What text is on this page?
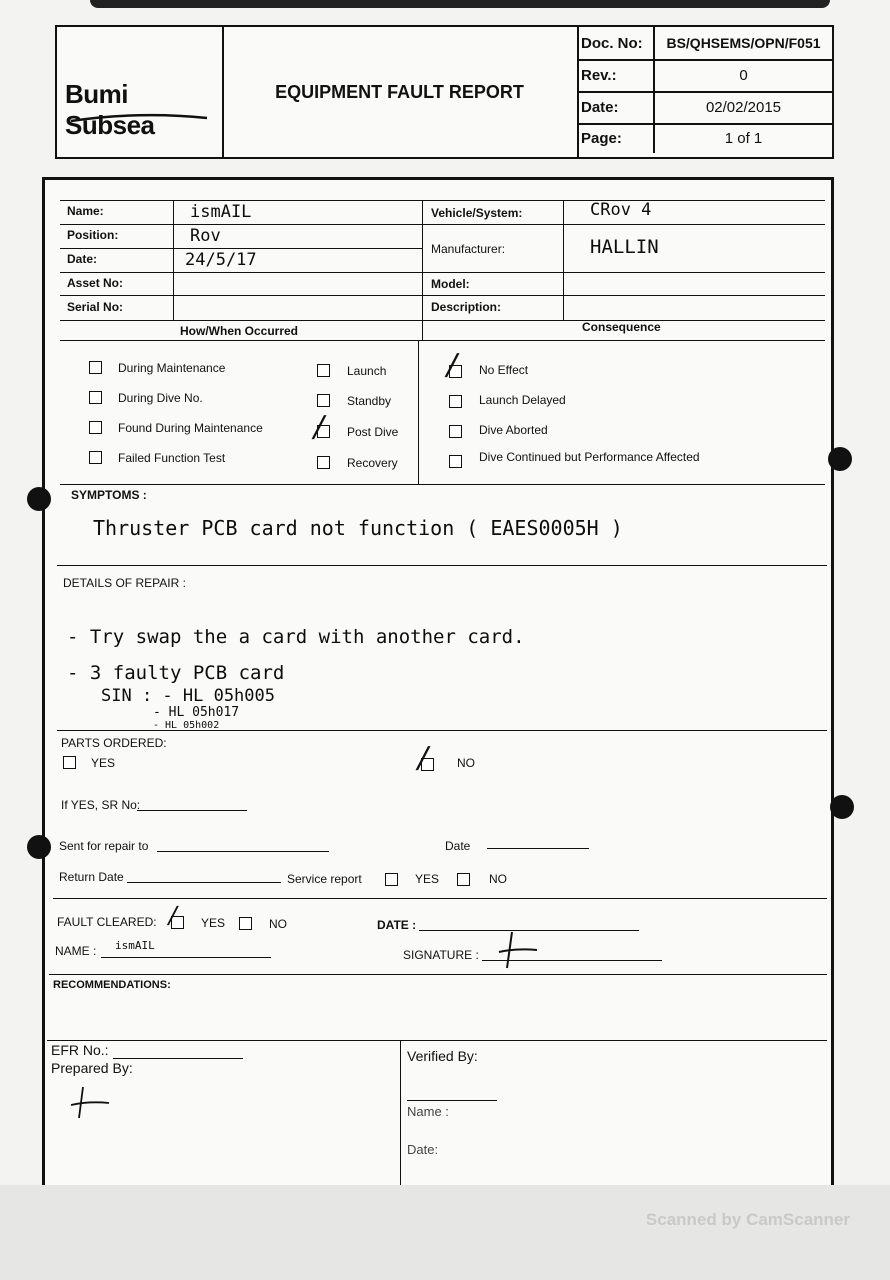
Bumi Subsea
EQUIPMENT FAULT REPORT
Doc. No:	BS/QHSEMS/OPN/F051
Rev.:	0
Date:	02/02/2015
Page:	1 of 1
Name:	ismAIL
Position:	Rov
Date:	24/5/17
Asset No:
Serial No:
Vehicle/System:	CRov 4
Manufacturer:	HALLIN
Model:
Description:
How/When Occurred	Consequence
During Maintenance
During Dive No.
Found During Maintenance
Failed Function Test
Launch
Standby
╱ Post Dive
Recovery
╱ No Effect
Launch Delayed
Dive Aborted
Dive Continued but Performance Affected
SYMPTOMS :
Thruster PCB card not function ( EAES0005H )
DETAILS OF REPAIR :
- Try swap the a card with another card.
- 3 faulty PCB card
SIN : - HL 05h005
- HL 05h017
- HL 05h002
PARTS ORDERED:
YES	╱ NO
If YES, SR No:
Sent for repair to	Date
Return Date	Service report	YES	NO
FAULT CLEARED: ╱ YES	NO	DATE :
NAME : ismAIL
SIGNATURE :
RECOMMENDATIONS:
EFR No.:
Prepared By:
Verified By:
Name :
Date:
Scanned by CamScanner
